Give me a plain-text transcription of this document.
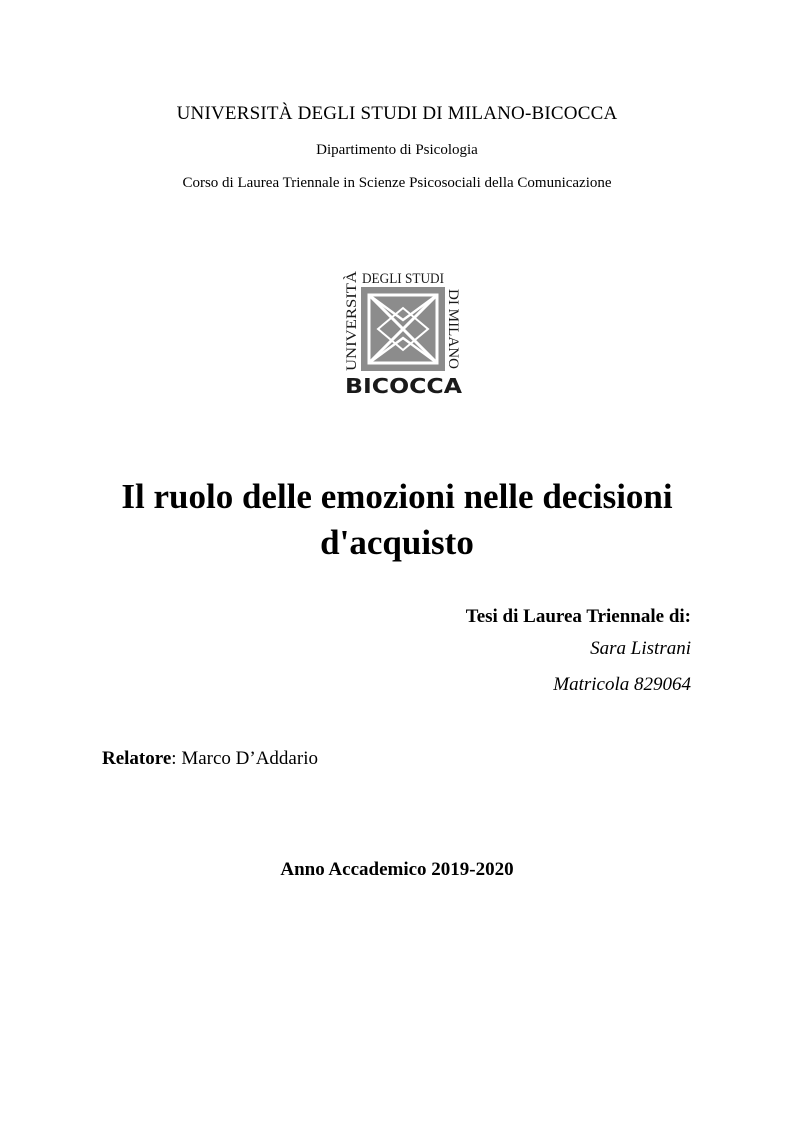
UNIVERSITÀ DEGLI STUDI DI MILANO-BICOCCA
Dipartimento di Psicologia
Corso di Laurea Triennale in Scienze Psicosociali della Comunicazione
DEGLI STUDI
UNIVERSITÀ	DI MILANO
BICOCCA
Il ruolo delle emozioni nelle decisioni
d'acquisto
Tesi di Laurea Triennale di:
Sara Listrani
Matricola 829064
Relatore: Marco D’Addario
Anno Accademico 2019-2020
